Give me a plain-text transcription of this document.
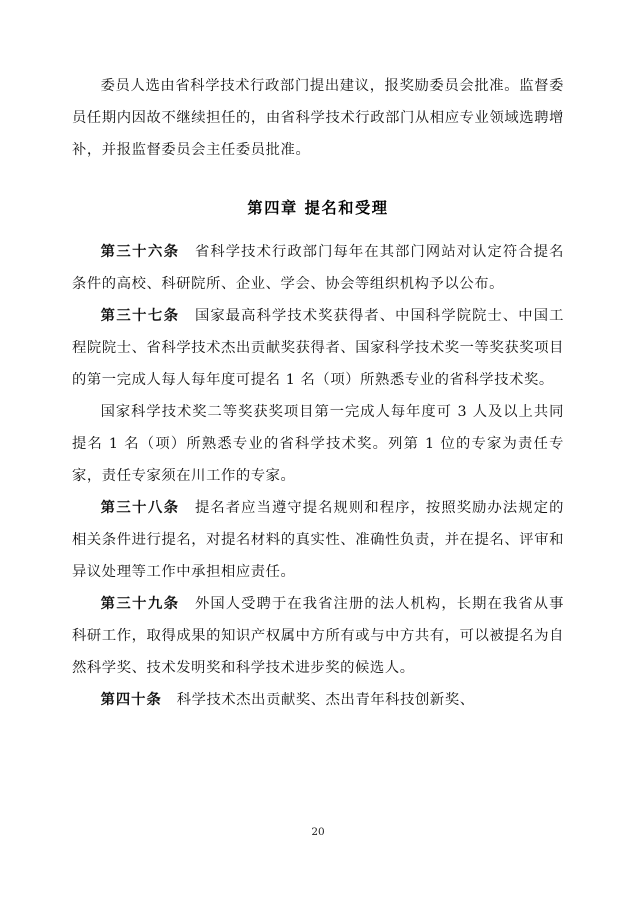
委员人选由省科学技术行政部门提出建议，报奖励委员会批准。监督委员任期内因故不继续担任的，由省科学技术行政部门从相应专业领域选聘增补，并报监督委员会主任委员批准。

第四章 提名和受理

第三十六条　 省科学技术行政部门每年在其部门网站对认定符合提名条件的高校、科研院所、企业、学会、协会等组织机构予以公布。

第三十七条　 国家最高科学技术奖获得者、中国科学院院士、中国工程院院士、省科学技术杰出贡献奖获得者、国家科学技术奖一等奖获奖项目的第一完成人每人每年度可提名 1 名（项）所熟悉专业的省科学技术奖。

国家科学技术奖二等奖获奖项目第一完成人每年度可 3 人及以上共同提名 1 名（项）所熟悉专业的省科学技术奖。列第 1 位的专家为责任专家，责任专家须在川工作的专家。

第三十八条　 提名者应当遵守提名规则和程序，按照奖励办法规定的相关条件进行提名，对提名材料的真实性、准确性负责，并在提名、评审和异议处理等工作中承担相应责任。

第三十九条　 外国人受聘于在我省注册的法人机构，长期在我省从事科研工作，取得成果的知识产权属中方所有或与中方共有，可以被提名为自然科学奖、技术发明奖和科学技术进步奖的候选人。

第四十条　 科学技术杰出贡献奖、杰出青年科技创新奖、

20
